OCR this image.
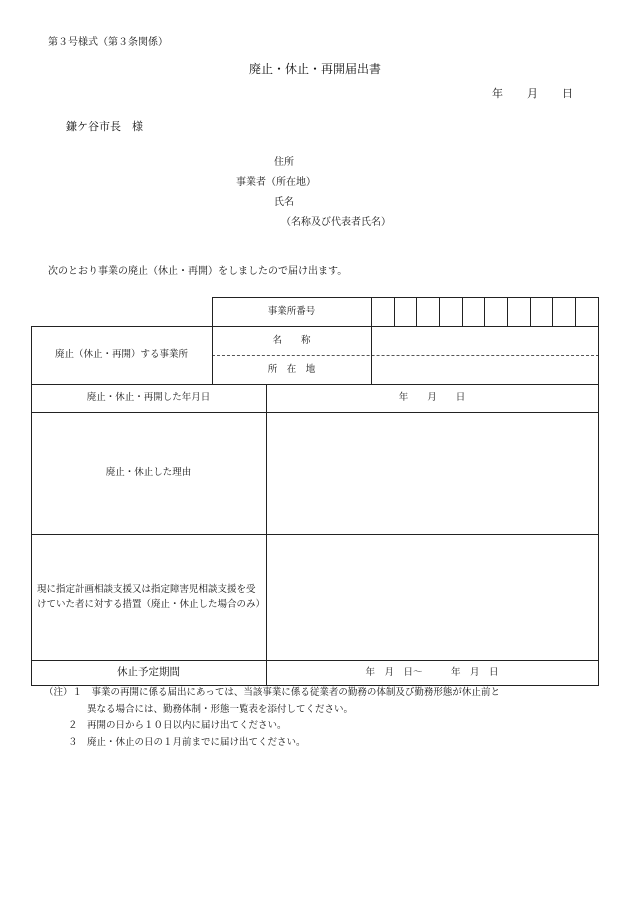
第３号様式（第３条関係）
廃止・休止・再開届出書
年 月 日
鎌ケ谷市長　様
住所
事業者（所在地）
氏名
（名称及び代表者氏名）
次のとおり事業の廃止（休止・再開）をしましたので届け出ます。
事業所番号
廃止（休止・再開）する事業所
名　　称
所　在　地
廃止・休止・再開した年月日	年　　月　　日
廃止・休止した理由
現に指定計画相談支援又は指定障害児相談支援を受けていた者に対する措置（廃止・休止した場合のみ）
休止予定期間	年　月　日〜　　　年　月　日
（注）１　 事業の再開に係る届出にあっては、当該事業に係る従業者の勤務の体制及び勤務形態が休止前と
異なる場合には、勤務体制・形態一覧表を添付してください。
２　 再開の日から１０日以内に届け出てください。
３　 廃止・休止の日の１月前までに届け出てください。
